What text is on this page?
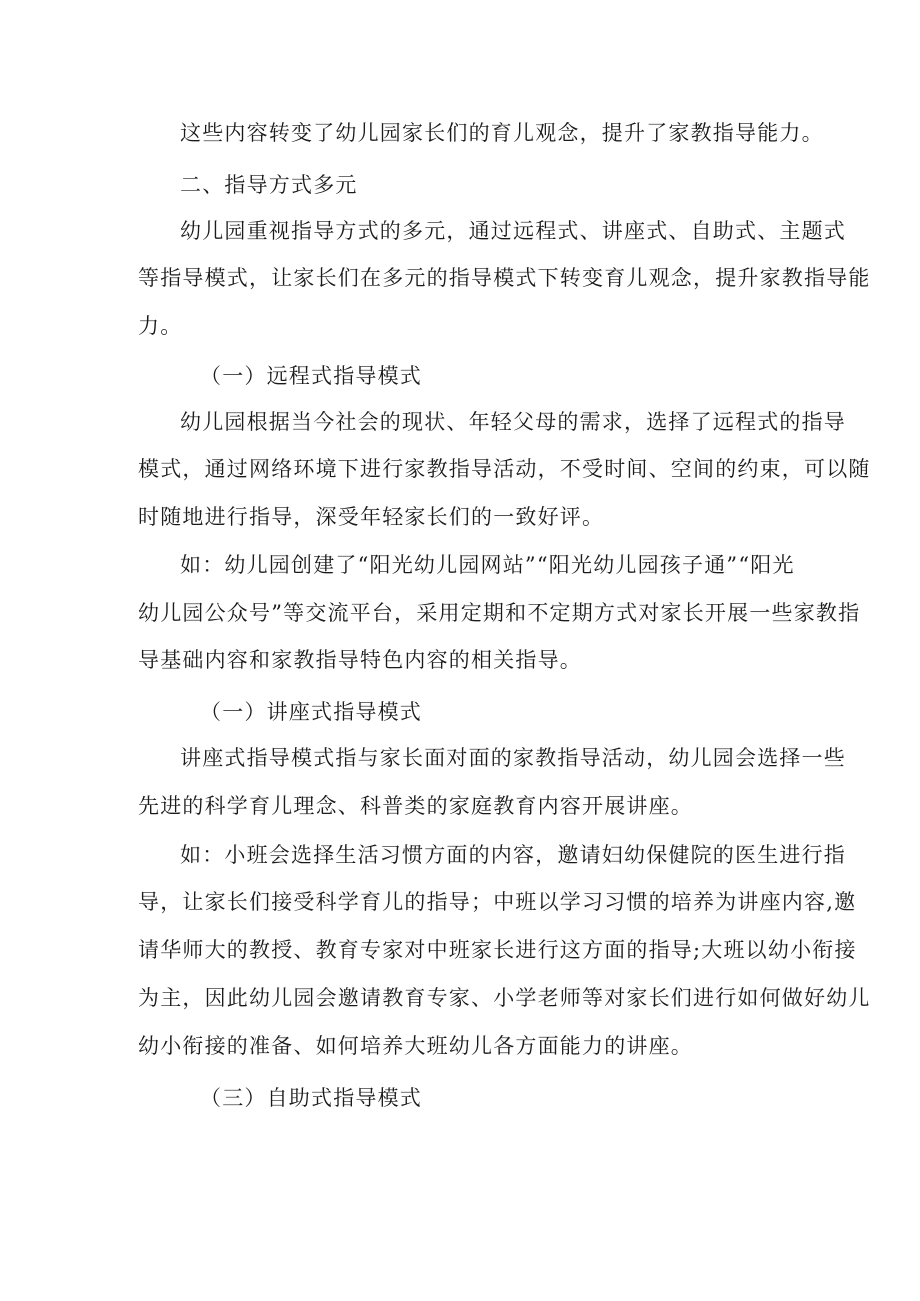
这些内容转变了幼儿园家长们的育儿观念，提升了家教指导能力。

二、指导方式多元

幼儿园重视指导方式的多元，通过远程式、讲座式、自助式、主题式

等指导模式，让家长们在多元的指导模式下转变育儿观念，提升家教指导能

力。

（一）远程式指导模式

幼儿园根据当今社会的现状、年轻父母的需求，选择了远程式的指导

模式，通过网络环境下进行家教指导活动，不受时间、空间的约束，可以随

时随地进行指导，深受年轻家长们的一致好评。

如：幼儿园创建了“阳光幼儿园网站”“阳光幼儿园孩子通”“阳光

幼儿园公众号”等交流平台，采用定期和不定期方式对家长开展一些家教指

导基础内容和家教指导特色内容的相关指导。

（一）讲座式指导模式

讲座式指导模式指与家长面对面的家教指导活动，幼儿园会选择一些

先进的科学育儿理念、科普类的家庭教育内容开展讲座。

如：小班会选择生活习惯方面的内容，邀请妇幼保健院的医生进行指

导，让家长们接受科学育儿的指导；中班以学习习惯的培养为讲座内容,邀

请华师大的教授、教育专家对中班家长进行这方面的指导;大班以幼小衔接

为主，因此幼儿园会邀请教育专家、小学老师等对家长们进行如何做好幼儿

幼小衔接的准备、如何培养大班幼儿各方面能力的讲座。

（三）自助式指导模式
